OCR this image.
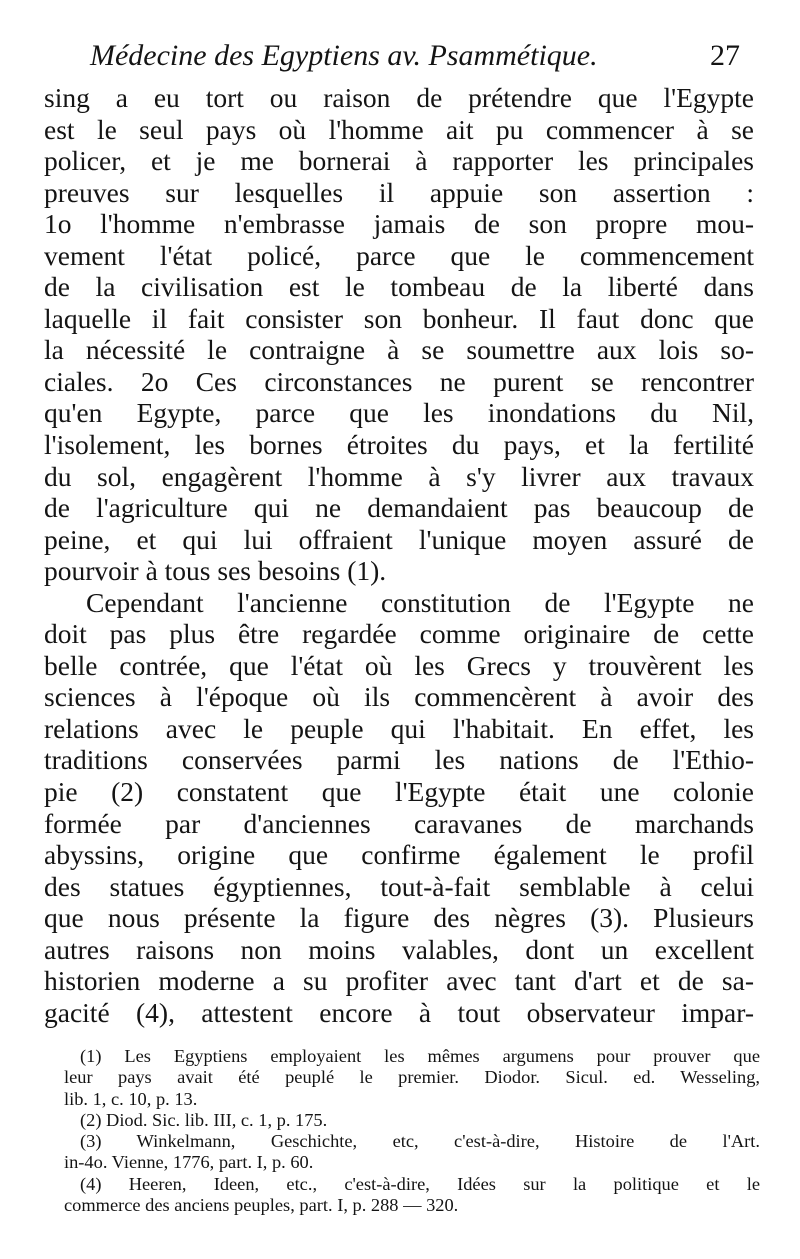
Médecine des Egyptiens av. Psammétique.	27
sing a eu tort ou raison de prétendre que l'Egypte
est le seul pays où l'homme ait pu commencer à se
policer, et je me bornerai à rapporter les principales
preuves sur lesquelles il appuie son assertion :
1o l'homme n'embrasse jamais de son propre mou-
vement l'état policé, parce que le commencement
de la civilisation est le tombeau de la liberté dans
laquelle il fait consister son bonheur. Il faut donc que
la nécessité le contraigne à se soumettre aux lois so-
ciales. 2o Ces circonstances ne purent se rencontrer
qu'en Egypte, parce que les inondations du Nil,
l'isolement, les bornes étroites du pays, et la fertilité
du sol, engagèrent l'homme à s'y livrer aux travaux
de l'agriculture qui ne demandaient pas beaucoup de
peine, et qui lui offraient l'unique moyen assuré de
pourvoir à tous ses besoins (1).
Cependant l'ancienne constitution de l'Egypte ne
doit pas plus être regardée comme originaire de cette
belle contrée, que l'état où les Grecs y trouvèrent les
sciences à l'époque où ils commencèrent à avoir des
relations avec le peuple qui l'habitait. En effet, les
traditions conservées parmi les nations de l'Ethio-
pie (2) constatent que l'Egypte était une colonie
formée par d'anciennes caravanes de marchands
abyssins, origine que confirme également le profil
des statues égyptiennes, tout-à-fait semblable à celui
que nous présente la figure des nègres (3). Plusieurs
autres raisons non moins valables, dont un excellent
historien moderne a su profiter avec tant d'art et de sa-
gacité (4), attestent encore à tout observateur impar-
(1) Les Egyptiens employaient les mêmes argumens pour prouver que
leur pays avait été peuplé le premier. Diodor. Sicul. ed. Wesseling,
lib. 1, c. 10, p. 13.
(2) Diod. Sic. lib. III, c. 1, p. 175.
(3) Winkelmann, Geschichte, etc, c'est-à-dire, Histoire de l'Art.
in-4o. Vienne, 1776, part. I, p. 60.
(4) Heeren, Ideen, etc., c'est-à-dire, Idées sur la politique et le
commerce des anciens peuples, part. I, p. 288 — 320.
